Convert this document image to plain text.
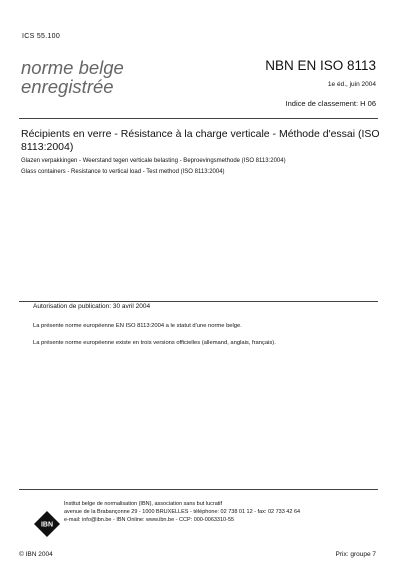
ICS 55.100
norme belge
enregistrée
NBN EN ISO 8113
1e éd., juin 2004
Indice de classement: H 06
Récipients en verre - Résistance à la charge verticale - Méthode d'essai (ISO 8113:2004)
Glazen verpakkingen - Weerstand tegen verticale belasting - Beproevingsmethode (ISO 8113:2004)
Glass containers - Resistance to vertical load - Test method (ISO 8113:2004)
Autorisation de publication: 30 avril 2004
La présente norme européenne EN ISO 8113:2004 a le statut d'une norme belge.
La présente norme européenne existe en trois versions officielles (allemand, anglais, français).
IBN
Institut belge de normalisation (IBN), association sans but lucratif
avenue de la Brabançonne 29 - 1000 BRUXELLES - téléphone: 02 738 01 12 - fax: 02 733 42 64
e-mail: info@ibn.be - IBN Online: www.ibn.be - CCP: 000-0063310-55
© IBN 2004	Prix: groupe 7
